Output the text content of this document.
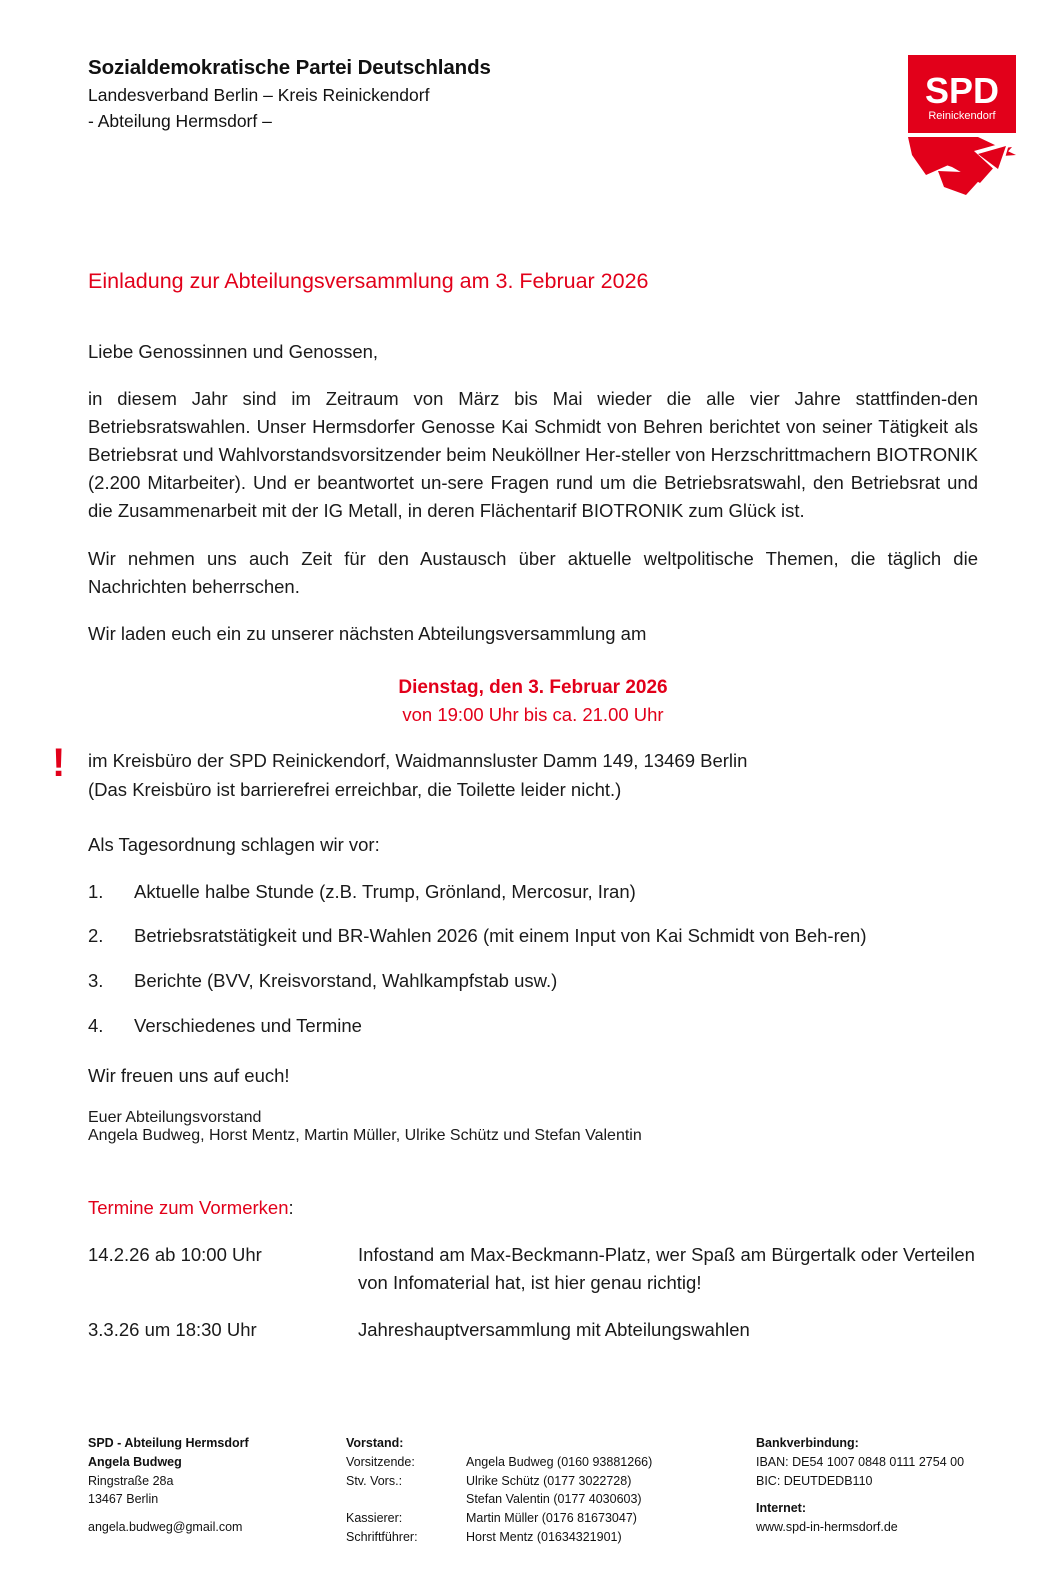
Sozialdemokratische Partei Deutschlands
Landesverband Berlin – Kreis Reinickendorf
- Abteilung Hermsdorf –
SPD
Reinickendorf
Einladung zur Abteilungsversammlung am 3. Februar 2026

Liebe Genossinnen und Genossen,

in diesem Jahr sind im Zeitraum von März bis Mai wieder die alle vier Jahre stattfinden-den Betriebsratswahlen. Unser Hermsdorfer Genosse Kai Schmidt von Behren berichtet von seiner Tätigkeit als Betriebsrat und Wahlvorstandsvorsitzender beim Neuköllner Her-steller von Herzschrittmachern BIOTRONIK (2.200 Mitarbeiter). Und er beantwortet un-sere Fragen rund um die Betriebsratswahl, den Betriebsrat und die Zusammenarbeit mit der IG Metall, in deren Flächentarif BIOTRONIK zum Glück ist.

Wir nehmen uns auch Zeit für den Austausch über aktuelle weltpolitische Themen, die täglich die Nachrichten beherrschen.

Wir laden euch ein zu unserer nächsten Abteilungsversammlung am

Dienstag, den 3. Februar 2026
von 19:00 Uhr bis ca. 21.00 Uhr
! im Kreisbüro der SPD Reinickendorf, Waidmannsluster Damm 149, 13469 Berlin
(Das Kreisbüro ist barrierefrei erreichbar, die Toilette leider nicht.)

Als Tagesordnung schlagen wir vor:

1. Aktuelle halbe Stunde (z.B. Trump, Grönland, Mercosur, Iran)
2. Betriebsratstätigkeit und BR-Wahlen 2026 (mit einem Input von Kai Schmidt von Beh-ren)
3. Berichte (BVV, Kreisvorstand, Wahlkampfstab usw.)
4. Verschiedenes und Termine

Wir freuen uns auf euch!

Euer Abteilungsvorstand
Angela Budweg, Horst Mentz, Martin Müller, Ulrike Schütz und Stefan Valentin
Termine zum Vormerken:
14.2.26 ab 10:00 Uhr	Infostand am Max-Beckmann-Platz, wer Spaß am Bürgertalk oder Verteilen von Infomaterial hat, ist hier genau richtig!
3.3.26 um 18:30 Uhr	Jahreshauptversammlung mit Abteilungswahlen
SPD - Abteilung Hermsdorf
Angela Budweg
Ringstraße 28a
13467 Berlin
angela.budweg@gmail.com
Vorstand:
Vorsitzende:	Angela Budweg (0160 93881266)
Stv. Vors.:	Ulrike Schütz (0177 3022728)
Stefan Valentin (0177 4030603)
Kassierer:	Martin Müller (0176 81673047)
Schriftführer:	Horst Mentz (01634321901)
Bankverbindung:
IBAN: DE54 1007 0848 0111 2754 00
BIC: DEUTDEDB110
Internet:
www.spd-in-hermsdorf.de
